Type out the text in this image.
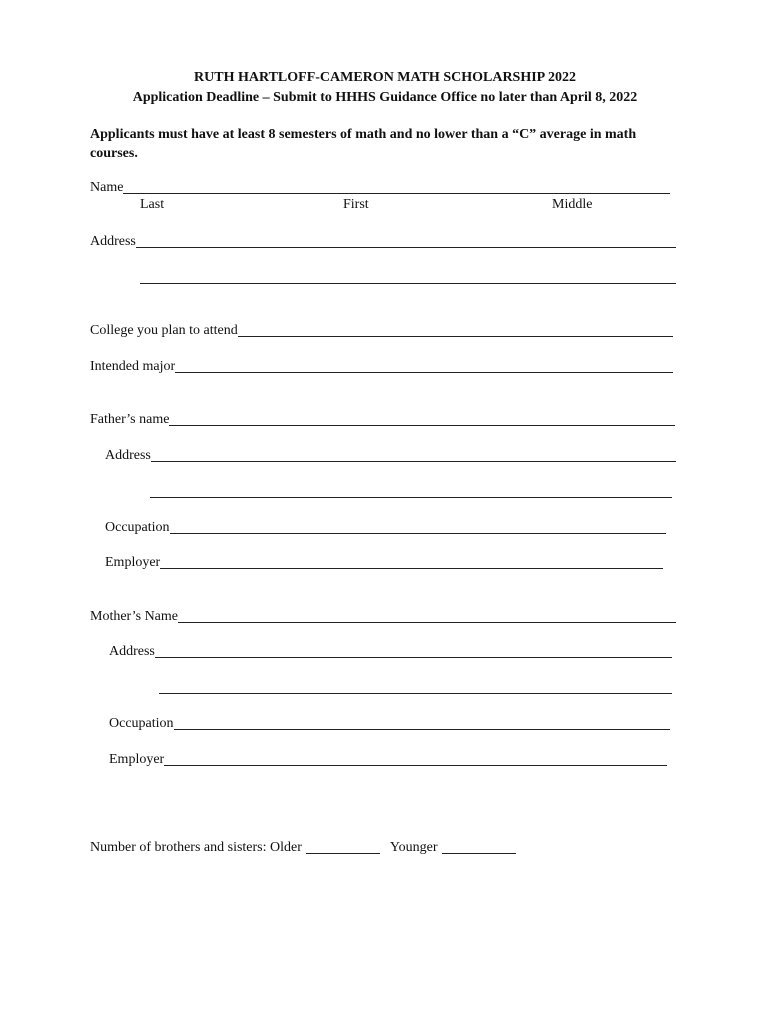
RUTH HARTLOFF-CAMERON MATH SCHOLARSHIP 2022
Application Deadline – Submit to HHHS Guidance Office no later than April 8, 2022
Applicants must have at least 8 semesters of math and no lower than a “C” average in math courses.
Name
Last	First	Middle
Address
College you plan to attend
Intended major
Father’s name
Address
Occupation
Employer
Mother’s Name
Address
Occupation
Employer
Number of brothers and sisters: Older	Younger
